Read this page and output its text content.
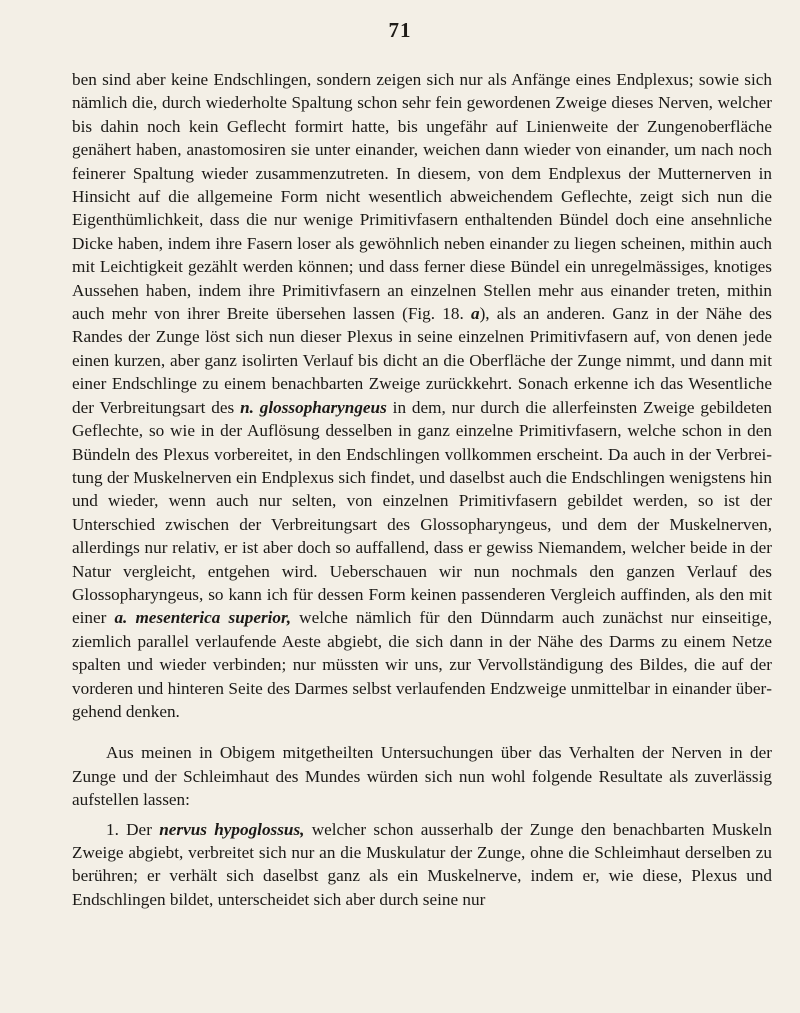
71

ben sind aber keine Endschlingen, sondern zeigen sich nur als Anfänge eines Endplexus; sowie sich nämlich die, durch wiederholte Spaltung schon sehr fein gewordenen Zweige dieses Nerven, welcher bis dahin noch kein Geflecht formirt hatte, bis ungefähr auf Linienweite der Zungenoberfläche genähert haben, anastomosiren sie unter einander, weichen dann wieder von einander, um nach noch feinerer Spaltung wieder zusammenzutreten. In diesem, von dem Endplexus der Mutternerven in Hinsicht auf die allgemeine Form nicht wesentlich abweichendem Geflechte, zeigt sich nun die Eigenthümlichkeit, dass die nur wenige Primitivfasern enthaltenden Bündel doch eine ansehnliche Dicke haben, indem ihre Fasern loser als gewöhnlich neben einander zu liegen scheinen, mithin auch mit Leichtigkeit gezählt werden können; und dass ferner diese Bündel ein unregelmässiges, knotiges Aussehen haben, indem ihre Primitivfasern an einzelnen Stellen mehr aus einander treten, mithin auch mehr von ihrer Breite übersehen lassen (Fig. 18. a), als an anderen. Ganz in der Nähe des Randes der Zunge löst sich nun dieser Plexus in seine einzelnen Primitivfasern auf, von denen jede einen kurzen, aber ganz isolirten Verlauf bis dicht an die Oberfläche der Zunge nimmt, und dann mit einer Endschlinge zu einem benachbarten Zweige zurückkehrt. Sonach erkenne ich das Wesentliche der Verbreitungsart des n. glossopharyngeus in dem, nur durch die allerfeinsten Zweige gebildeten Geflechte, so wie in der Auflösung desselben in ganz einzelne Primitivfasern, welche schon in den Bündeln des Plexus vorbereitet, in den Endschlingen vollkommen erscheint. Da auch in der Verbreitung der Muskelnerven ein Endplexus sich findet, und daselbst auch die Endschlingen wenigstens hin und wieder, wenn auch nur selten, von einzelnen Primitivfasern gebildet werden, so ist der Unterschied zwischen der Verbreitungsart des Glossopharyngeus, und dem der Muskelnerven, allerdings nur relativ, er ist aber doch so auffallend, dass er gewiss Niemandem, welcher beide in der Natur vergleicht, entgehen wird. Ueberschauen wir nun nochmals den ganzen Verlauf des Glossopharyngeus, so kann ich für dessen Form keinen passenderen Vergleich auffinden, als den mit einer a. mesenterica superior, welche nämlich für den Dünndarm auch zunächst nur einseitige, ziemlich parallel verlaufende Aeste abgiebt, die sich dann in der Nähe des Darms zu einem Netze spalten und wieder verbinden; nur müssten wir uns, zur Vervollständigung des Bildes, die auf der vorderen und hinteren Seite des Darmes selbst verlaufenden Endzweige unmittelbar in einander übergehend denken.

Aus meinen in Obigem mitgetheilten Untersuchungen über das Verhalten der Nerven in der Zunge und der Schleimhaut des Mundes würden sich nun wohl folgende Resultate als zuverlässig aufstellen lassen:

1. Der nervus hypoglossus, welcher schon ausserhalb der Zunge den benachbarten Muskeln Zweige abgiebt, verbreitet sich nur an die Muskulatur der Zunge, ohne die Schleimhaut derselben zu berühren; er verhält sich daselbst ganz als ein Muskelnerve, indem er, wie diese, Plexus und Endschlingen bildet, unterscheidet sich aber durch seine nur
